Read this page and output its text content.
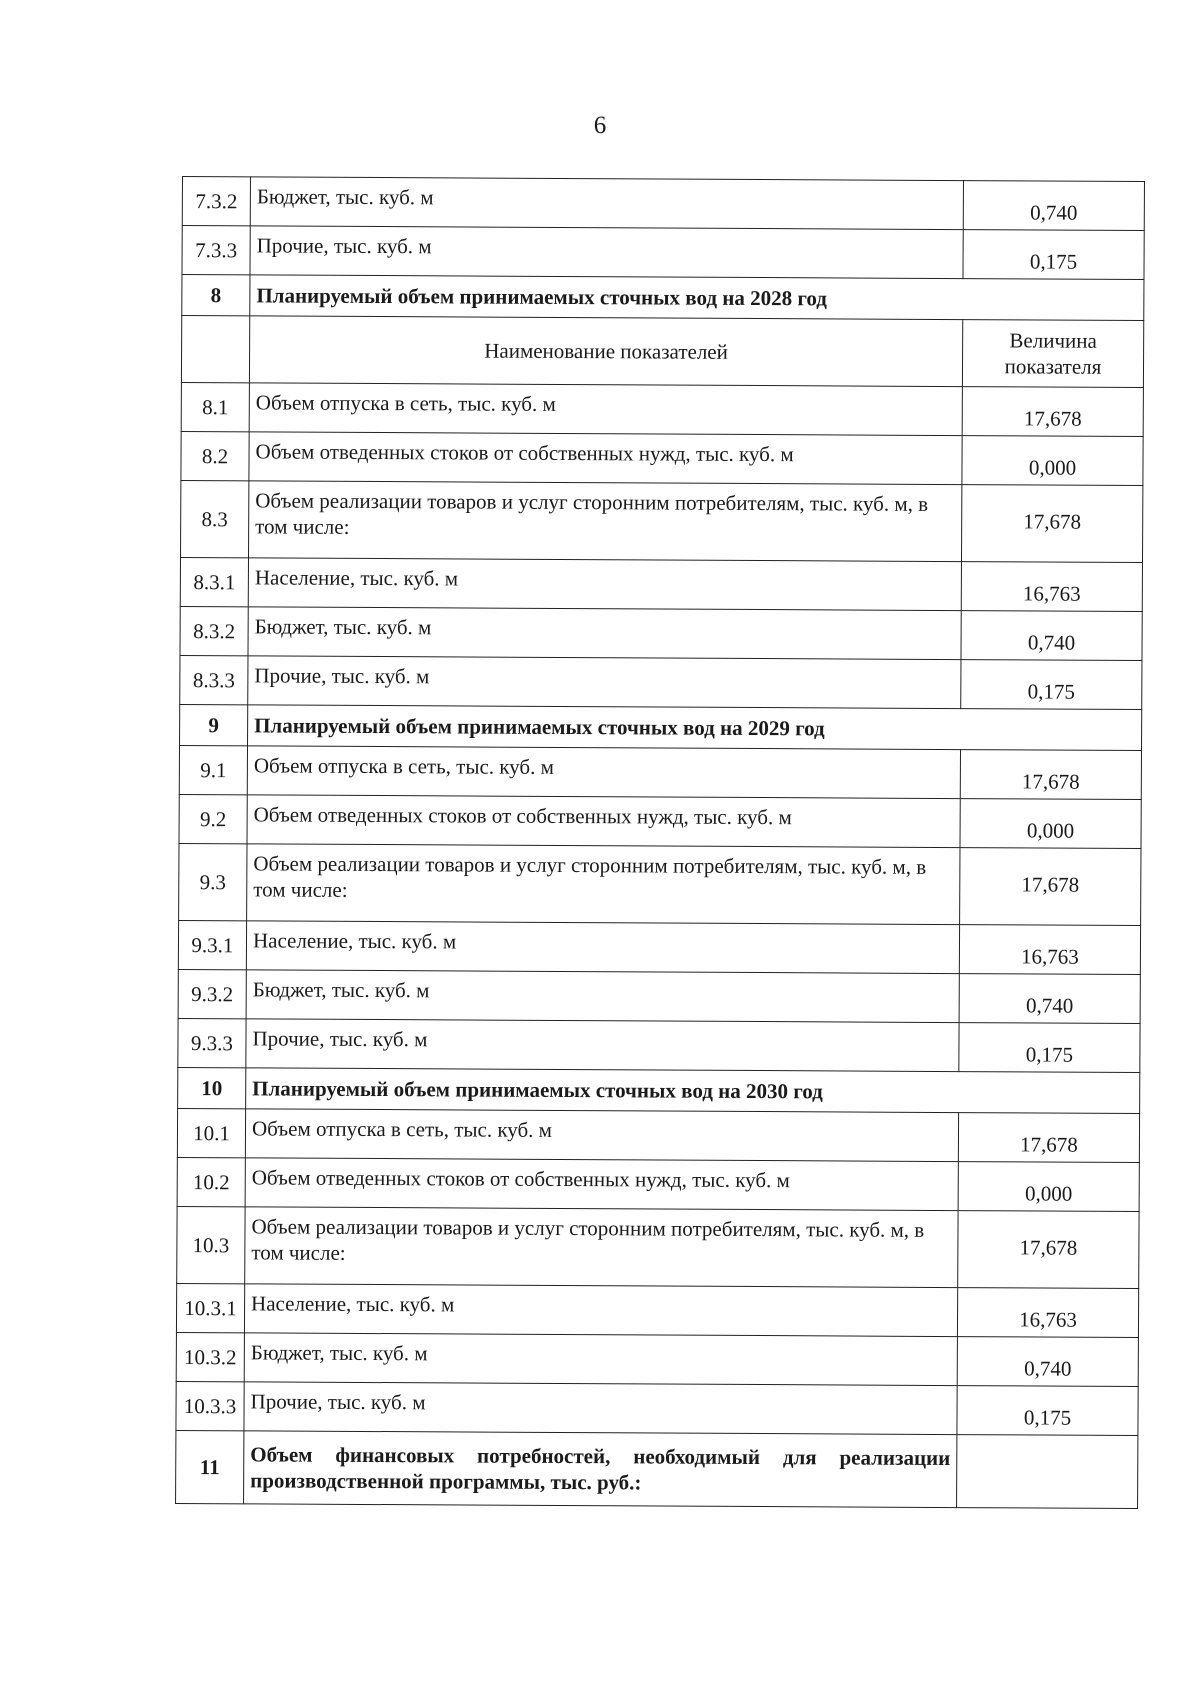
6
7.3.2	Бюджет, тыс. куб. м	0,740
7.3.3	Прочие, тыс. куб. м	0,175
8	Планируемый объем принимаемых сточных вод на 2028 год	
	Наименование показателей	Величина
показателя
8.1	Объем отпуска в сеть, тыс. куб. м	17,678
8.2	Объем отведенных стоков от собственных нужд, тыс. куб. м	0,000
8.3	Объем реализации товаров и услуг сторонним потребителям, тыс. куб. м, в том числе:	17,678
8.3.1	Население, тыс. куб. м	16,763
8.3.2	Бюджет, тыс. куб. м	0,740
8.3.3	Прочие, тыс. куб. м	0,175
9	Планируемый объем принимаемых сточных вод на 2029 год	
9.1	Объем отпуска в сеть, тыс. куб. м	17,678
9.2	Объем отведенных стоков от собственных нужд, тыс. куб. м	0,000
9.3	Объем реализации товаров и услуг сторонним потребителям, тыс. куб. м, в том числе:	17,678
9.3.1	Население, тыс. куб. м	16,763
9.3.2	Бюджет, тыс. куб. м	0,740
9.3.3	Прочие, тыс. куб. м	0,175
10	Планируемый объем принимаемых сточных вод на 2030 год	
10.1	Объем отпуска в сеть, тыс. куб. м	17,678
10.2	Объем отведенных стоков от собственных нужд, тыс. куб. м	0,000
10.3	Объем реализации товаров и услуг сторонним потребителям, тыс. куб. м, в том числе:	17,678
10.3.1	Население, тыс. куб. м	16,763
10.3.2	Бюджет, тыс. куб. м	0,740
10.3.3	Прочие, тыс. куб. м	0,175
11	Объем финансовых потребностей, необходимый для реализации производственной программы, тыс. руб.:	
